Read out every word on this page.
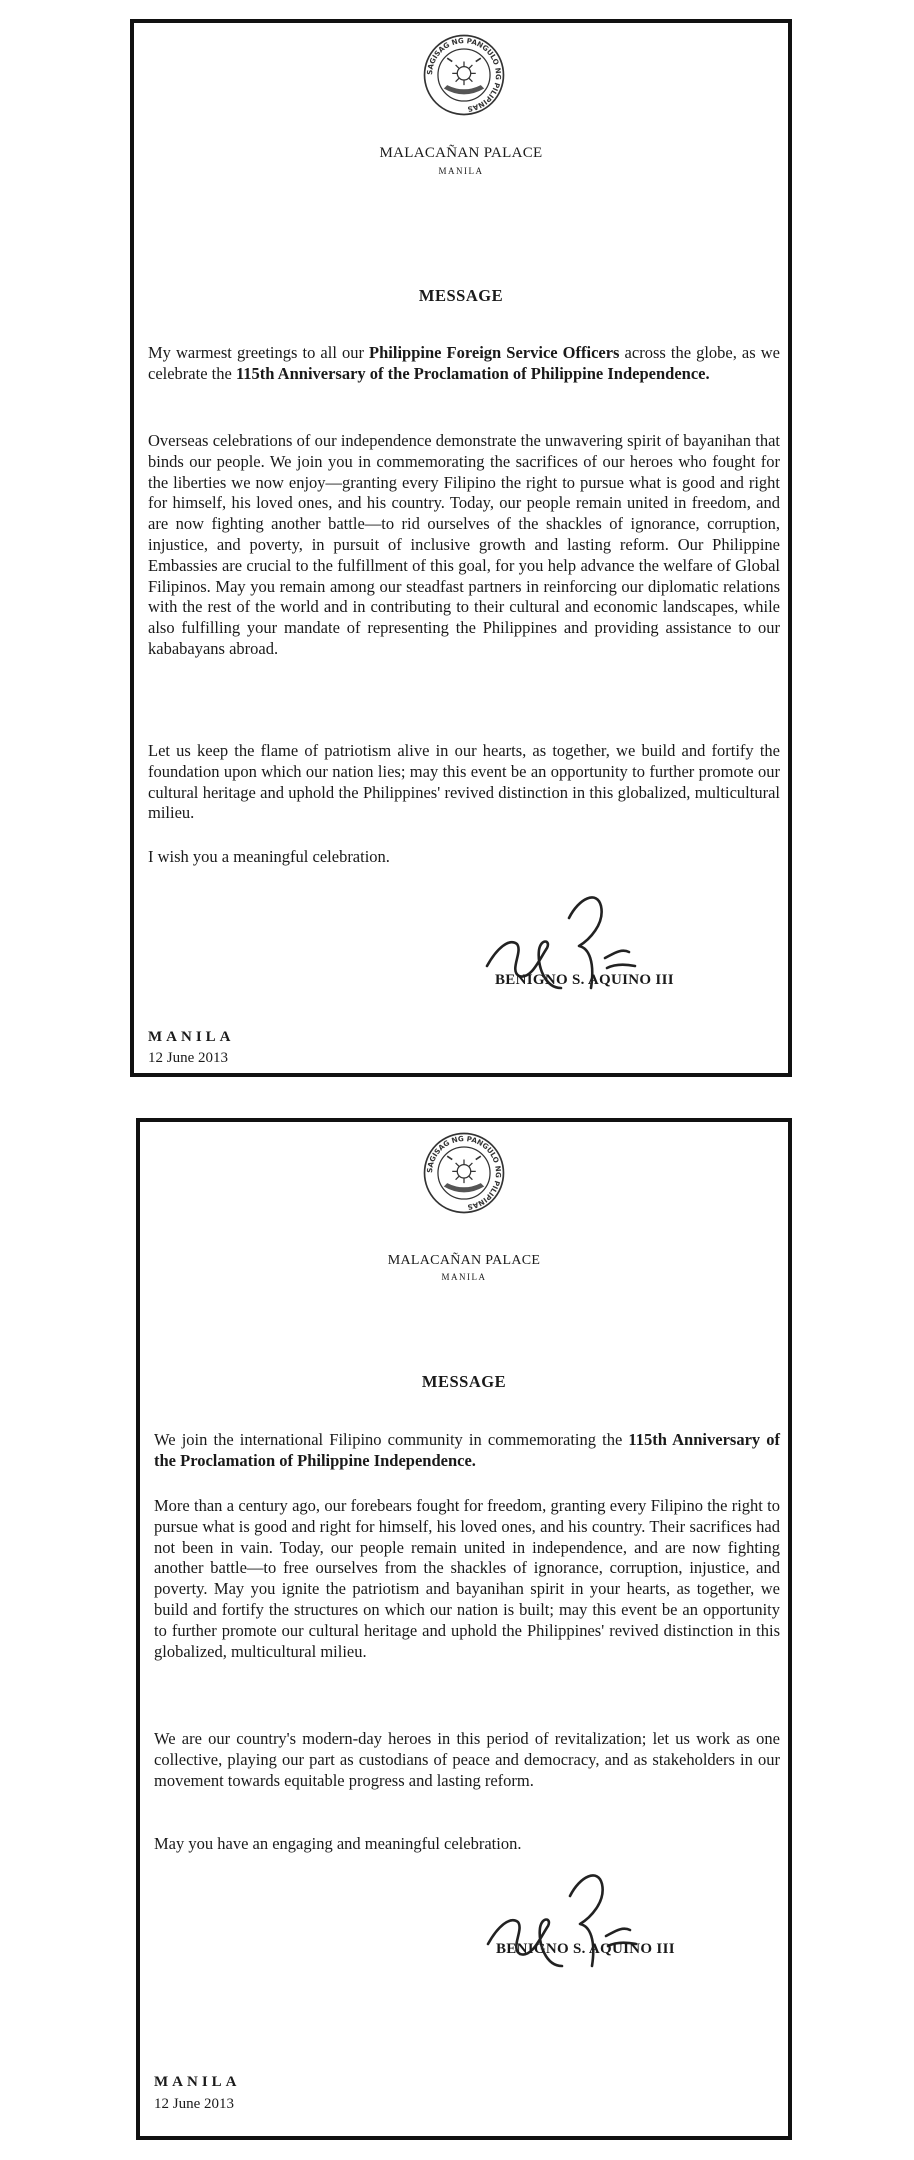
SAGISAG NG PANGULO NG PILIPINAS
MALACAÑAN PALACE
MANILA
MESSAGE
My warmest greetings to all our Philippine Foreign Service Officers across the globe, as we celebrate the 115th Anniversary of the Proclamation of Philippine Independence.
Overseas celebrations of our independence demonstrate the unwavering spirit of bayanihan that binds our people. We join you in commemorating the sacrifices of our heroes who fought for the liberties we now enjoy—granting every Filipino the right to pursue what is good and right for himself, his loved ones, and his country. Today, our people remain united in freedom, and are now fighting another battle—to rid ourselves of the shackles of ignorance, corruption, injustice, and poverty, in pursuit of inclusive growth and lasting reform. Our Philippine Embassies are crucial to the fulfillment of this goal, for you help advance the welfare of Global Filipinos. May you remain among our steadfast partners in reinforcing our diplomatic relations with the rest of the world and in contributing to their cultural and economic landscapes, while also fulfilling your mandate of representing the Philippines and providing assistance to our kababayans abroad.
Let us keep the flame of patriotism alive in our hearts, as together, we build and fortify the foundation upon which our nation lies; may this event be an opportunity to further promote our cultural heritage and uphold the Philippines' revived distinction in this globalized, multicultural milieu.
I wish you a meaningful celebration.
BENIGNO S. AQUINO III
MANILA
12 June 2013
SAGISAG NG PANGULO NG PILIPINAS
MALACAÑAN PALACE
MANILA
MESSAGE
We join the international Filipino community in commemorating the 115th Anniversary of the Proclamation of Philippine Independence.
More than a century ago, our forebears fought for freedom, granting every Filipino the right to pursue what is good and right for himself, his loved ones, and his country. Their sacrifices had not been in vain. Today, our people remain united in independence, and are now fighting another battle—to free ourselves from the shackles of ignorance, corruption, injustice, and poverty. May you ignite the patriotism and bayanihan spirit in your hearts, as together, we build and fortify the structures on which our nation is built; may this event be an opportunity to further promote our cultural heritage and uphold the Philippines' revived distinction in this globalized, multicultural milieu.
We are our country's modern-day heroes in this period of revitalization; let us work as one collective, playing our part as custodians of peace and democracy, and as stakeholders in our movement towards equitable progress and lasting reform.
May you have an engaging and meaningful celebration.
BENIGNO S. AQUINO III
MANILA
12 June 2013
